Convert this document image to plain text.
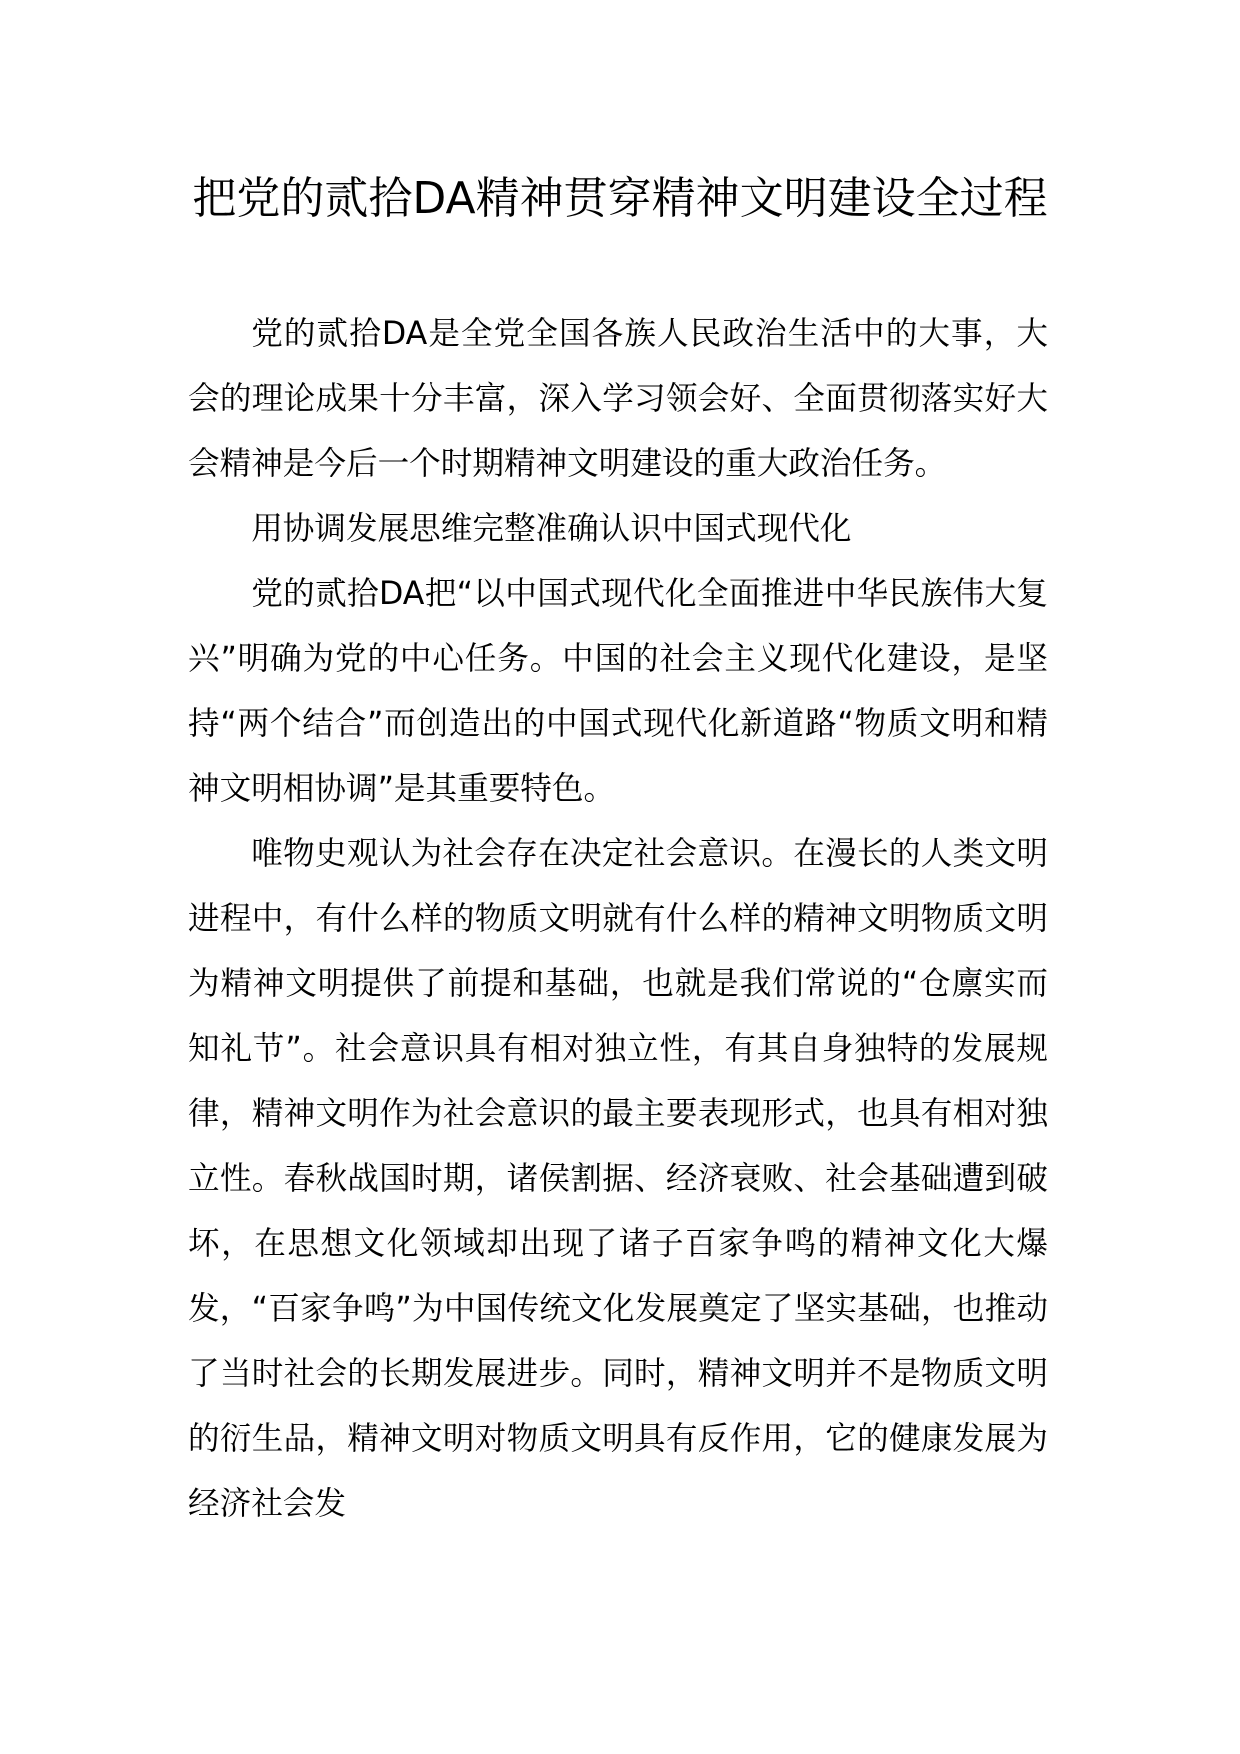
把党的贰拾DA精神贯穿精神文明建设全过程

党的贰拾DA是全党全国各族人民政治生活中的大事，大会的理论成果十分丰富，深入学习领会好、全面贯彻落实好大会精神是今后一个时期精神文明建设的重大政治任务。

用协调发展思维完整准确认识中国式现代化

党的贰拾DA把“以中国式现代化全面推进中华民族伟大复兴”明确为党的中心任务。中国的社会主义现代化建设，是坚持“两个结合”而创造出的中国式现代化新道路“物质文明和精神文明相协调”是其重要特色。

唯物史观认为社会存在决定社会意识。在漫长的人类文明进程中，有什么样的物质文明就有什么样的精神文明物质文明为精神文明提供了前提和基础，也就是我们常说的“仓廪实而知礼节”。社会意识具有相对独立性，有其自身独特的发展规律，精神文明作为社会意识的最主要表现形式，也具有相对独立性。春秋战国时期，诸侯割据、经济衰败、社会基础遭到破坏，在思想文化领域却出现了诸子百家争鸣的精神文化大爆发，“百家争鸣”为中国传统文化发展奠定了坚实基础，也推动了当时社会的长期发展进步。同时，精神文明并不是物质文明的衍生品，精神文明对物质文明具有反作用，它的健康发展为经济社会发
